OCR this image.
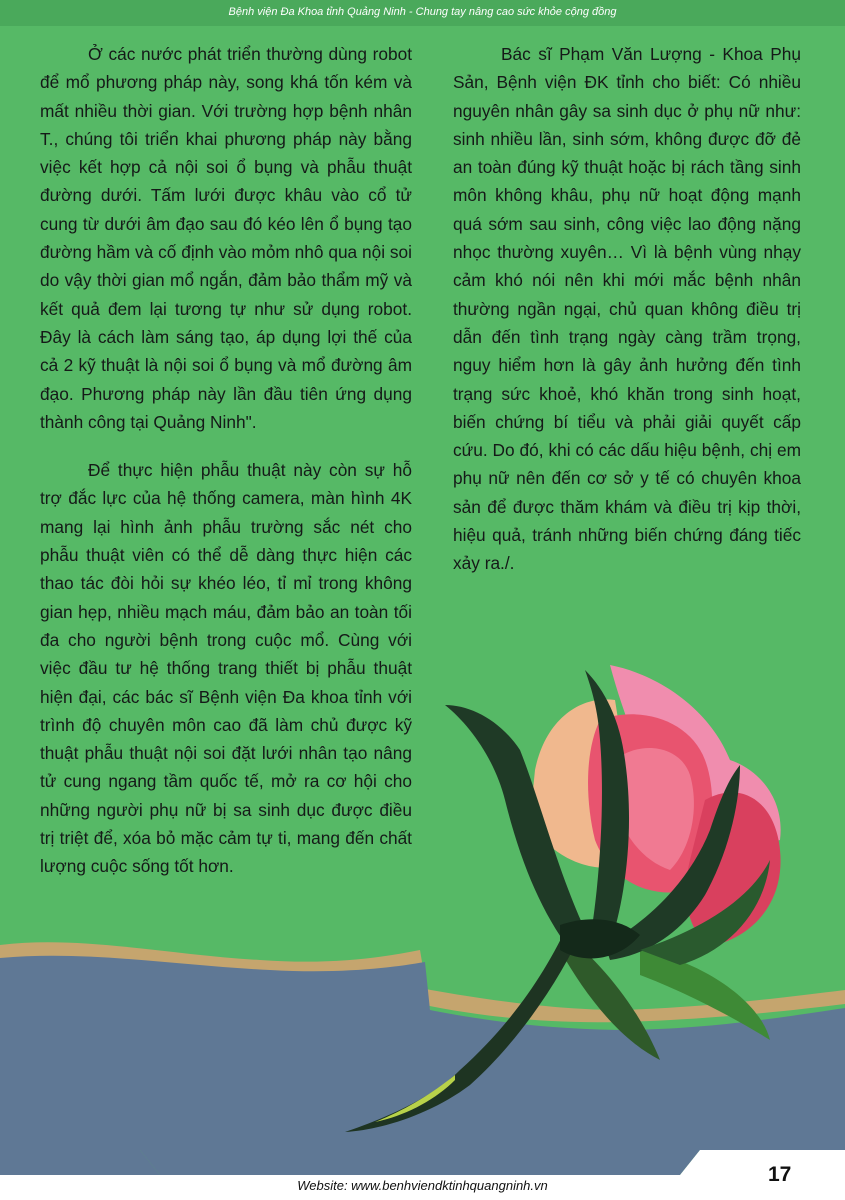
Bệnh viện Đa Khoa tỉnh Quảng Ninh - Chung tay nâng cao sức khỏe cộng đồng

Ở các nước phát triển thường dùng robot để mổ phương pháp này, song khá tốn kém và mất nhiều thời gian. Với trường hợp bệnh nhân T., chúng tôi triển khai phương pháp này bằng việc kết hợp cả nội soi ổ bụng và phẫu thuật đường dưới. Tấm lưới được khâu vào cổ tử cung từ dưới âm đạo sau đó kéo lên ổ bụng tạo đường hầm và cố định vào mỏm nhô qua nội soi do vậy thời gian mổ ngắn, đảm bảo thẩm mỹ và kết quả đem lại tương tự như sử dụng robot. Đây là cách làm sáng tạo, áp dụng lợi thế của cả 2 kỹ thuật là nội soi ổ bụng và mổ đường âm đạo. Phương pháp này lần đầu tiên ứng dụng thành công tại Quảng Ninh".

Để thực hiện phẫu thuật này còn sự hỗ trợ đắc lực của hệ thống camera, màn hình 4K mang lại hình ảnh phẫu trường sắc nét cho phẫu thuật viên có thể dễ dàng thực hiện các thao tác đòi hỏi sự khéo léo, tỉ mỉ trong không gian hẹp, nhiều mạch máu, đảm bảo an toàn tối đa cho người bệnh trong cuộc mổ. Cùng với việc đầu tư hệ thống trang thiết bị phẫu thuật hiện đại, các bác sĩ Bệnh viện Đa khoa tỉnh với trình độ chuyên môn cao đã làm chủ được kỹ thuật phẫu thuật nội soi đặt lưới nhân tạo nâng tử cung ngang tầm quốc tế, mở ra cơ hội cho những người phụ nữ bị sa sinh dục được điều trị triệt để, xóa bỏ mặc cảm tự ti, mang đến chất lượng cuộc sống tốt hơn.

Bác sĩ Phạm Văn Lượng - Khoa Phụ Sản, Bệnh viện ĐK tỉnh cho biết: Có nhiều nguyên nhân gây sa sinh dục ở phụ nữ như: sinh nhiều lần, sinh sớm, không được đỡ đẻ an toàn đúng kỹ thuật hoặc bị rách tầng sinh môn không khâu, phụ nữ hoạt động mạnh quá sớm sau sinh, công việc lao động nặng nhọc thường xuyên… Vì là bệnh vùng nhạy cảm khó nói nên khi mới mắc bệnh nhân thường ngần ngại, chủ quan không điều trị dẫn đến tình trạng ngày càng trầm trọng, nguy hiểm hơn là gây ảnh hưởng đến tình trạng sức khoẻ, khó khăn trong sinh hoạt, biến chứng bí tiểu và phải giải quyết cấp cứu. Do đó, khi có các dấu hiệu bệnh, chị em phụ nữ nên đến cơ sở y tế có chuyên khoa sản để được thăm khám và điều trị kịp thời, hiệu quả, tránh những biến chứng đáng tiếc xảy ra./.

Website: www.benhviendktinhquangninh.vn	17
